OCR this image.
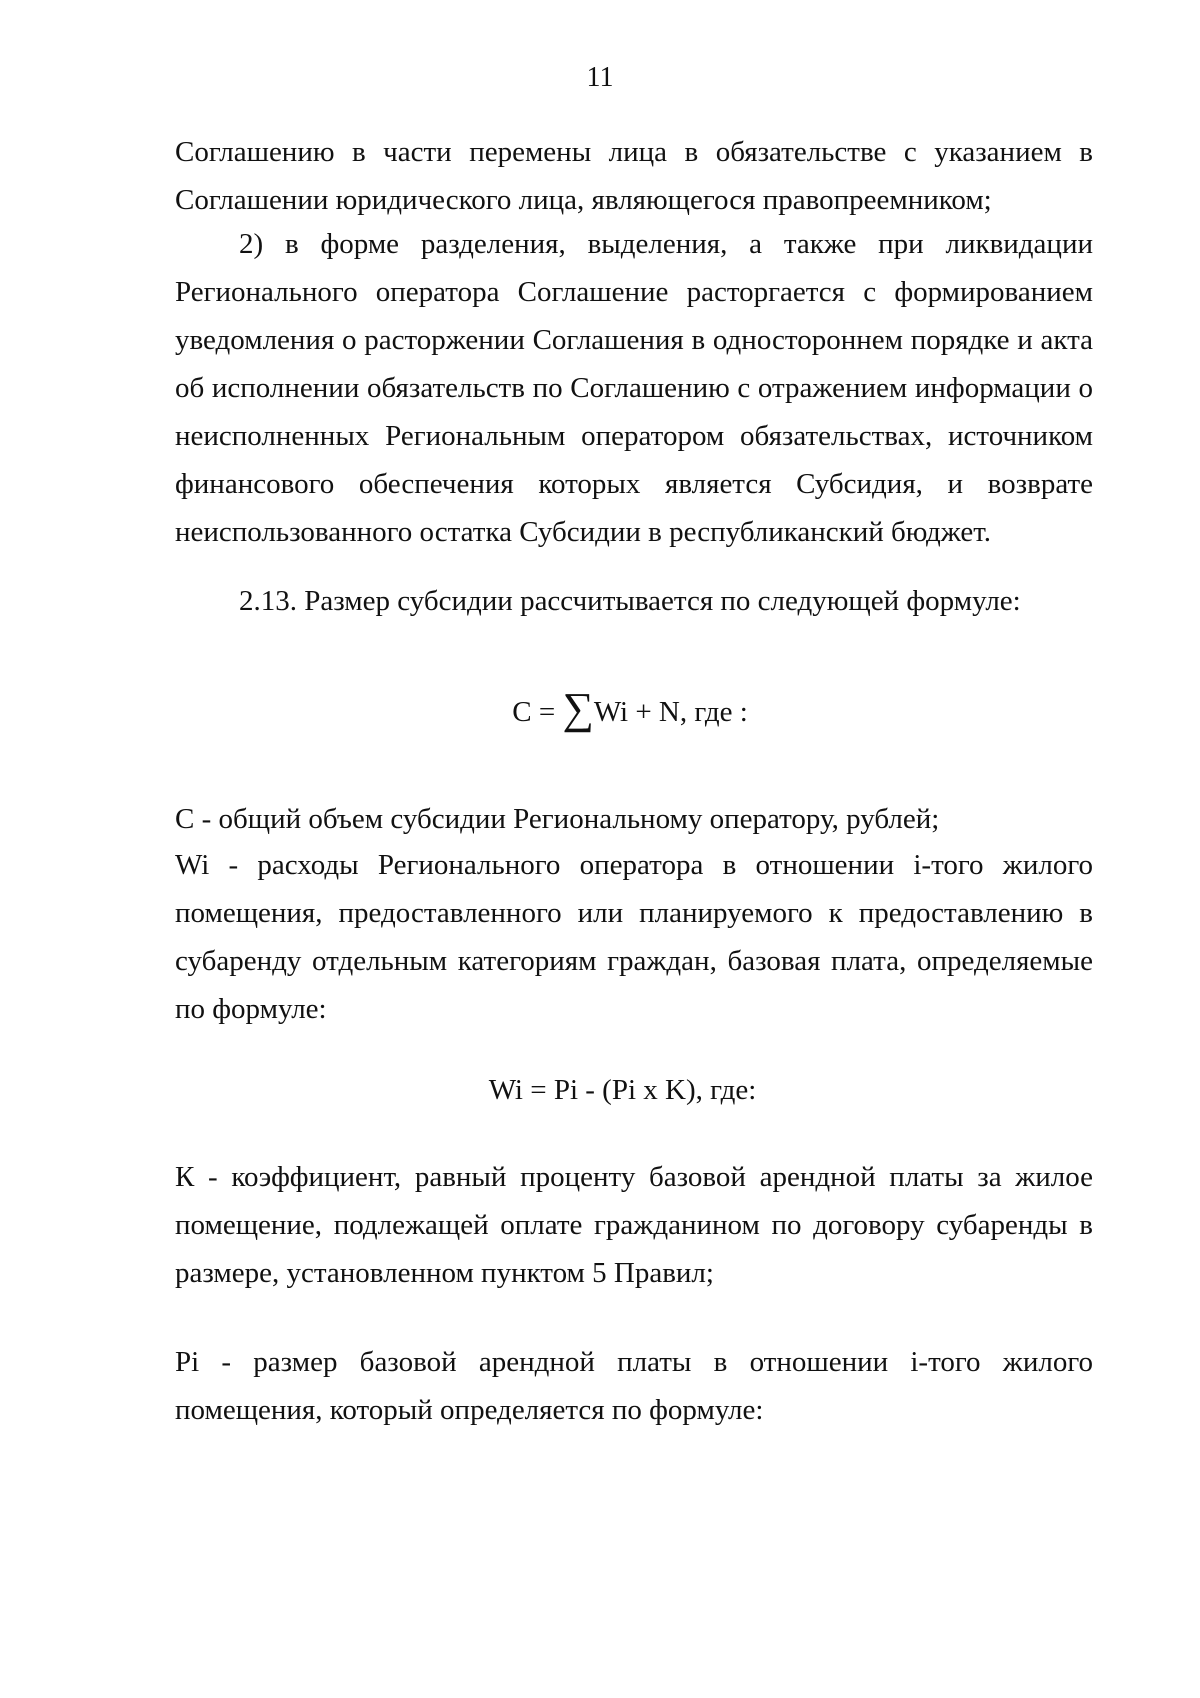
11

Соглашению в части перемены лица в обязательстве с указанием в Соглашении юридического лица, являющегося правопреемником;

2) в форме разделения, выделения, а также при ликвидации Регионального оператора Соглашение расторгается с формированием уведомления о расторжении Соглашения в одностороннем порядке и акта об исполнении обязательств по Соглашению с отражением информации о неисполненных Региональным оператором обязательствах, источником финансового обеспечения которых является Субсидия, и возврате неиспользованного остатка Субсидии в республиканский бюджет.

2.13. Размер субсидии рассчитывается по следующей формуле:

С = ∑Wi + N, где :

С - общий объем субсидии Региональному оператору, рублей;

Wi - расходы Регионального оператора в отношении i-того жилого помещения, предоставленного или планируемого к предоставлению в субаренду отдельным категориям граждан, базовая плата, определяемые по формуле:

Wi = Pi - (Pi x K), где:

К - коэффициент, равный проценту базовой арендной платы за жилое помещение, подлежащей оплате гражданином по договору субаренды в размере, установленном пунктом 5 Правил;

Pi - размер базовой арендной платы в отношении i-того жилого помещения, который определяется по формуле:
